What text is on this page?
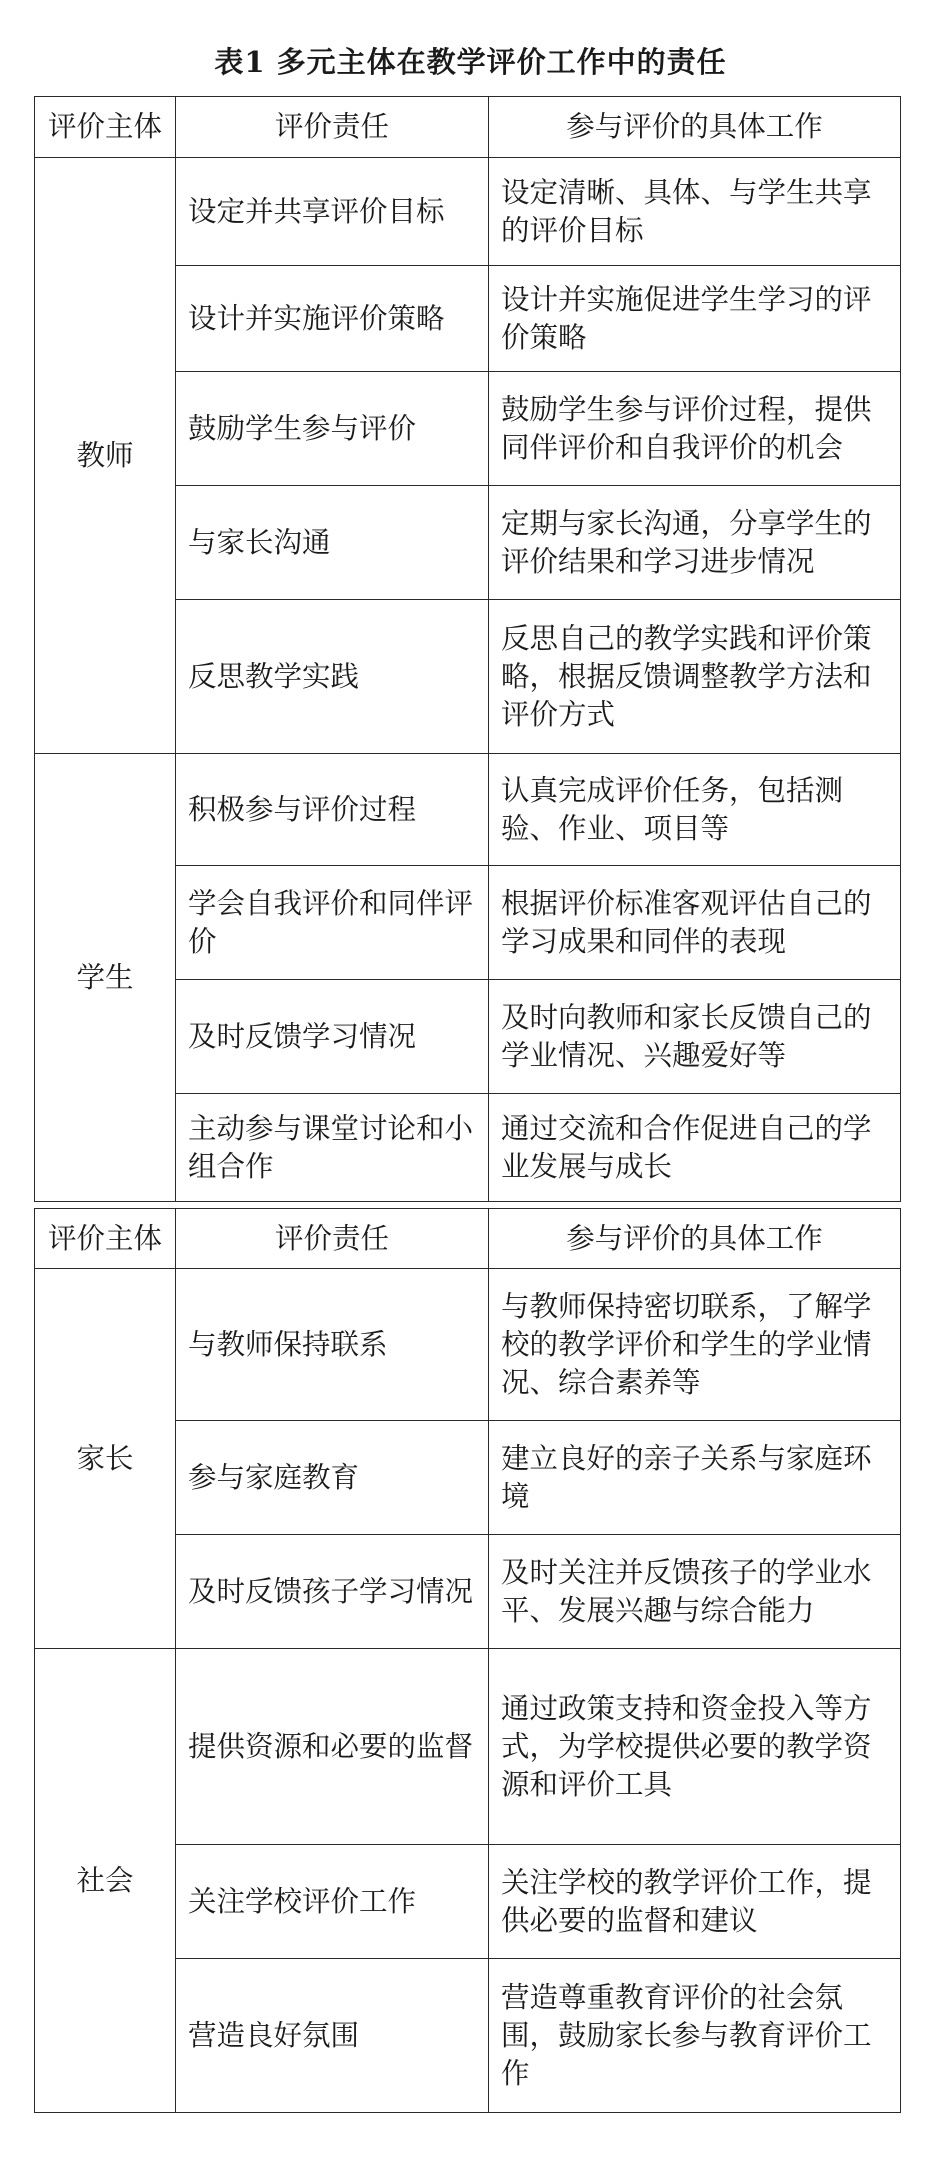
表1 多元主体在教学评价工作中的责任
评价主体	评价责任	参与评价的具体工作
教师	设定并共享评价目标	设定清晰、具体、与学生共享的评价目标
	设计并实施评价策略	设计并实施促进学生学习的评价策略
	鼓励学生参与评价	鼓励学生参与评价过程，提供同伴评价和自我评价的机会
	与家长沟通	定期与家长沟通，分享学生的评价结果和学习进步情况
	反思教学实践	反思自己的教学实践和评价策略，根据反馈调整教学方法和评价方式
学生	积极参与评价过程	认真完成评价任务，包括测验、作业、项目等
	学会自我评价和同伴评价	根据评价标准客观评估自己的学习成果和同伴的表现
	及时反馈学习情况	及时向教师和家长反馈自己的学业情况、兴趣爱好等
	主动参与课堂讨论和小组合作	通过交流和合作促进自己的学业发展与成长
评价主体	评价责任	参与评价的具体工作
家长	与教师保持联系	与教师保持密切联系，了解学校的教学评价和学生的学业情况、综合素养等
	参与家庭教育	建立良好的亲子关系与家庭环境
	及时反馈孩子学习情况	及时关注并反馈孩子的学业水平、发展兴趣与综合能力
社会	提供资源和必要的监督	通过政策支持和资金投入等方式，为学校提供必要的教学资源和评价工具
	关注学校评价工作	关注学校的教学评价工作，提供必要的监督和建议
	营造良好氛围	营造尊重教育评价的社会氛围，鼓励家长参与教育评价工作
